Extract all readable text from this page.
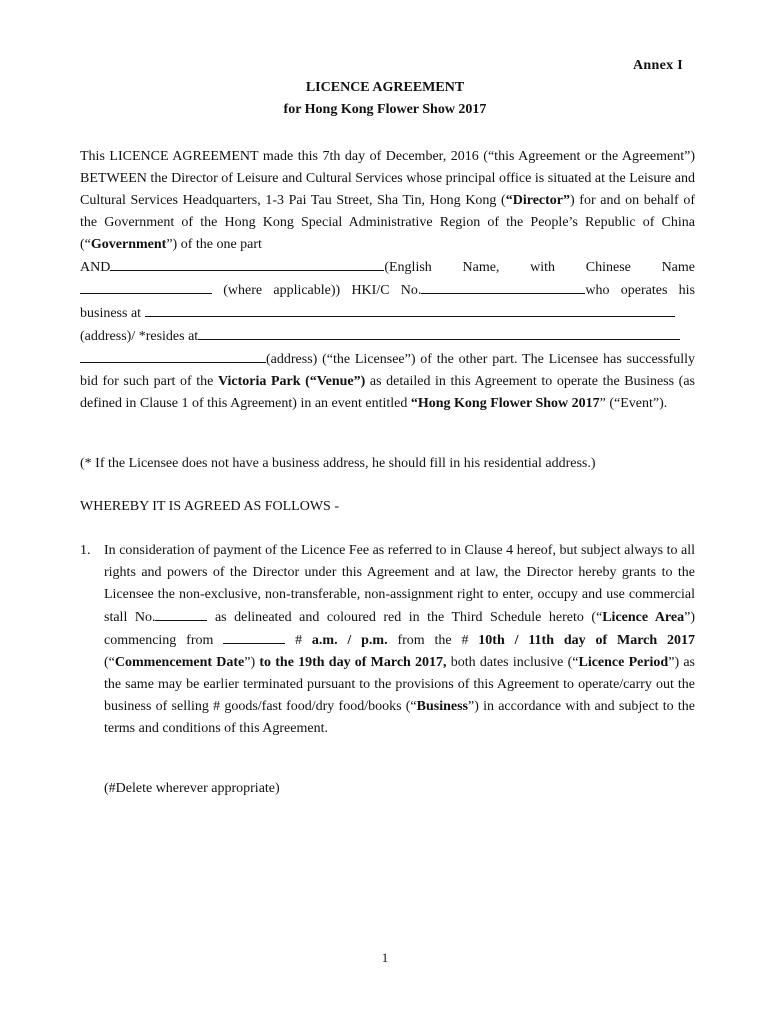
Annex I
LICENCE AGREEMENT
for Hong Kong Flower Show 2017
This LICENCE AGREEMENT made this 7th day of December, 2016 (“this Agreement or the Agreement”) BETWEEN the Director of Leisure and Cultural Services whose principal office is situated at the Leisure and Cultural Services Headquarters, 1-3 Pai Tau Street, Sha Tin, Hong Kong (“Director”) for and on behalf of the Government of the Hong Kong Special Administrative Region of the People’s Republic of China (“Government”) of the one part
AND	(English Name, with Chinese Name
(where applicable)) HKI/C No.	who operates his
business at
(address)/ *resides at
(address) (“the Licensee”) of the other part. The Licensee has successfully bid for such part of the Victoria Park (“Venue”) as detailed in this Agreement to operate the Business (as defined in Clause 1 of this Agreement) in an event entitled “Hong Kong Flower Show 2017” (“Event”).
(* If the Licensee does not have a business address, he should fill in his residential address.)
WHEREBY IT IS AGREED AS FOLLOWS -
1. In consideration of payment of the Licence Fee as referred to in Clause 4 hereof, but subject always to all rights and powers of the Director under this Agreement and at law, the Director hereby grants to the Licensee the non-exclusive, non-transferable, non-assignment right to enter, occupy and use commercial stall No.	as delineated and coloured red in the Third Schedule hereto (“Licence Area”) commencing from	# a.m. / p.m. from the # 10th / 11th day of March 2017 (“Commencement Date”) to the 19th day of March 2017, both dates inclusive (“Licence Period”) as the same may be earlier terminated pursuant to the provisions of this Agreement to operate/carry out the business of selling # goods/fast food/dry food/books (“Business”) in accordance with and subject to the terms and conditions of this Agreement.
(#Delete wherever appropriate)
1
